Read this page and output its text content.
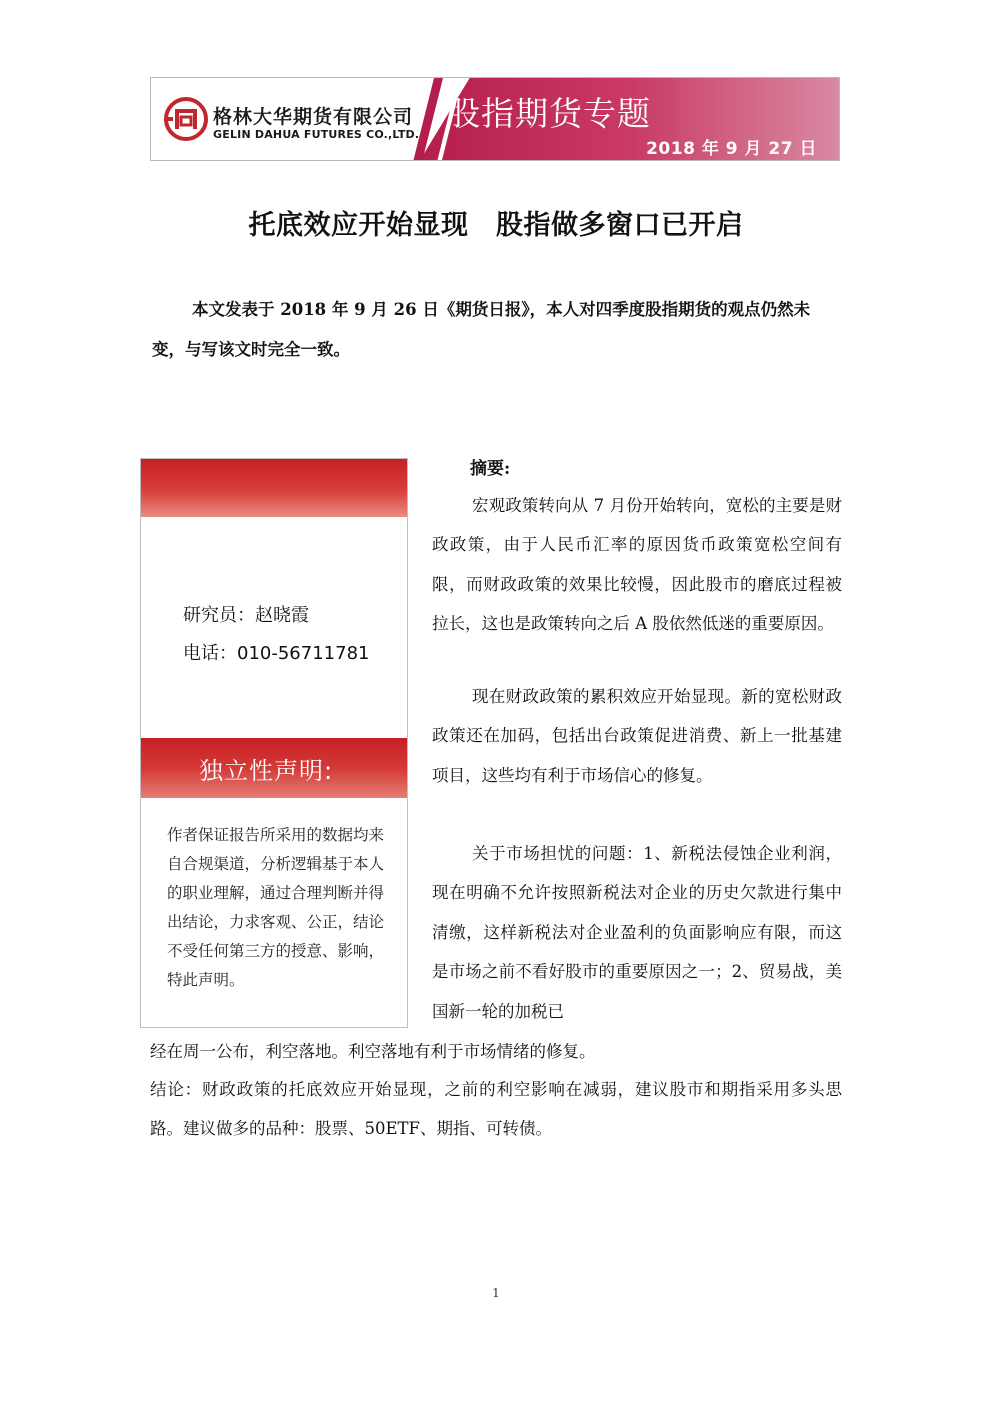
格林大华期货有限公司
GELIN DAHUA FUTURES CO.,LTD.
股指期货专题
2018 年 9 月 27 日
托底效应开始显现　股指做多窗口已开启
本文发表于 2018 年 9 月 26 日《期货日报》，本人对四季度股指期货的观点仍然未变，与写该文时完全一致。
研究员：赵晓霞
电话：010-56711781
独立性声明:
作者保证报告所采用的数据均来自合规渠道，分析逻辑基于本人的职业理解，通过合理判断并得出结论，力求客观、公正，结论不受任何第三方的授意、影响，特此声明。
摘要:
宏观政策转向从 7 月份开始转向，宽松的主要是财政政策，由于人民币汇率的原因货币政策宽松空间有限，而财政政策的效果比较慢，因此股市的磨底过程被拉长，这也是政策转向之后 A 股依然低迷的重要原因。
现在财政政策的累积效应开始显现。新的宽松财政政策还在加码，包括出台政策促进消费、新上一批基建项目，这些均有利于市场信心的修复。
关于市场担忧的问题：1、新税法侵蚀企业利润，现在明确不允许按照新税法对企业的历史欠款进行集中清缴，这样新税法对企业盈利的负面影响应有限，而这是市场之前不看好股市的重要原因之一；2、贸易战，美国新一轮的加税已
经在周一公布，利空落地。利空落地有利于市场情绪的修复。
结论：财政政策的托底效应开始显现，之前的利空影响在减弱，建议股市和期指采用多头思路。建议做多的品种：股票、50ETF、期指、可转债。
1
